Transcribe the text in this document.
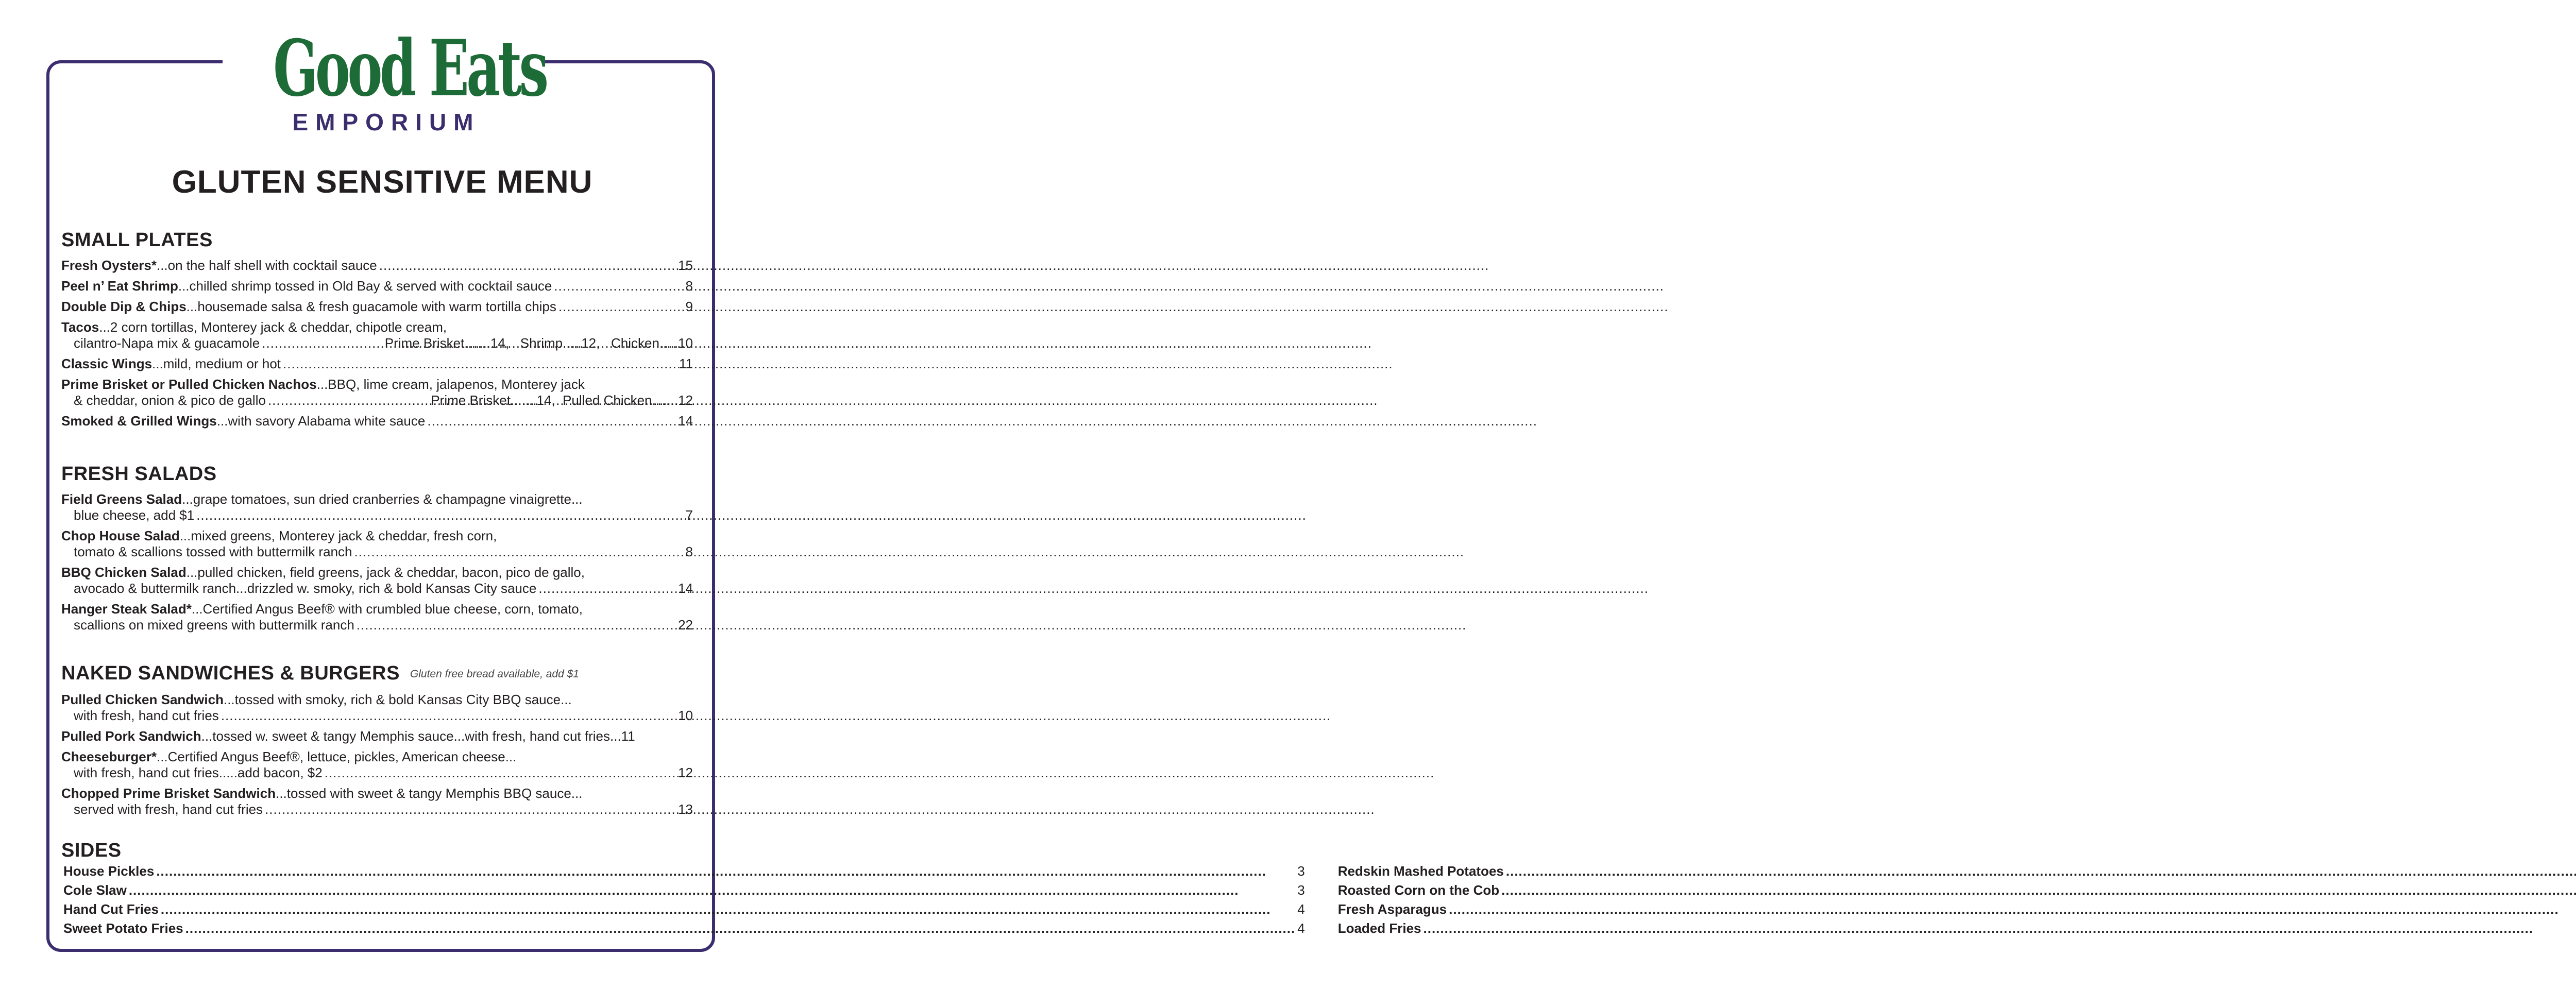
Good Eats
EMPORIUM
GLUTEN SENSITIVE MENU
SMALL PLATES
Fresh Oysters* ...on the half shell with cocktail sauce .....	15
Peel n’ Eat Shrimp ...chilled shrimp tossed in Old Bay & served with cocktail sauce .....	8
Double Dip & Chips ...housemade salsa & fresh guacamole with warm tortilla chips .....	9
Tacos ...2 corn tortillas, Monterey jack & cheddar, chipotle cream,
cilantro-Napa mix & guacamole .....	Prime Brisket.......14,   Shrimp.....12,   Chicken.....10
Classic Wings ...mild, medium or hot .....	11
Prime Brisket or Pulled Chicken Nachos ...BBQ, lime cream, jalapenos, Monterey jack
& cheddar, onion & pico de gallo .....	Prime Brisket.......14,  Pulled Chicken.......12
Smoked & Grilled Wings ...with savory Alabama white sauce .....	14
FRESH SALADS
Field Greens Salad ...grape tomatoes, sun dried cranberries & champagne vinaigrette...
blue cheese, add $1 .....	7
Chop House Salad ...mixed greens, Monterey jack & cheddar, fresh corn,
tomato & scallions tossed with buttermilk ranch .....	8
BBQ Chicken Salad ...pulled chicken, field greens, jack & cheddar, bacon, pico de gallo,
avocado & buttermilk ranch...drizzled w. smoky, rich & bold Kansas City sauce .....	14
Hanger Steak Salad* ...Certified Angus Beef® with crumbled blue cheese, corn, tomato,
scallions on mixed greens with buttermilk ranch .....	22
NAKED SANDWICHES & BURGERS Gluten free bread available, add $1
Pulled Chicken Sandwich ...tossed with smoky, rich & bold Kansas City BBQ sauce...
with fresh, hand cut fries .....	10
Pulled Pork Sandwich ...tossed w. sweet & tangy Memphis sauce...with fresh, hand cut fries...11
Cheeseburger* ...Certified Angus Beef®, lettuce, pickles, American cheese...
with fresh, hand cut fries.....add bacon, $2 .....	12
Chopped Prime Brisket Sandwich ...tossed with sweet & tangy Memphis BBQ sauce...
served with fresh, hand cut fries .....	13
SIDES
House Pickles .....	3
Cole Slaw .....	3
Hand Cut Fries .....	4
Sweet Potato Fries .....	4
Redskin Mashed Potatoes
.....
Roasted Corn on the Cob
.....
Fresh Asparagus
.....
Loaded Fries
.....
